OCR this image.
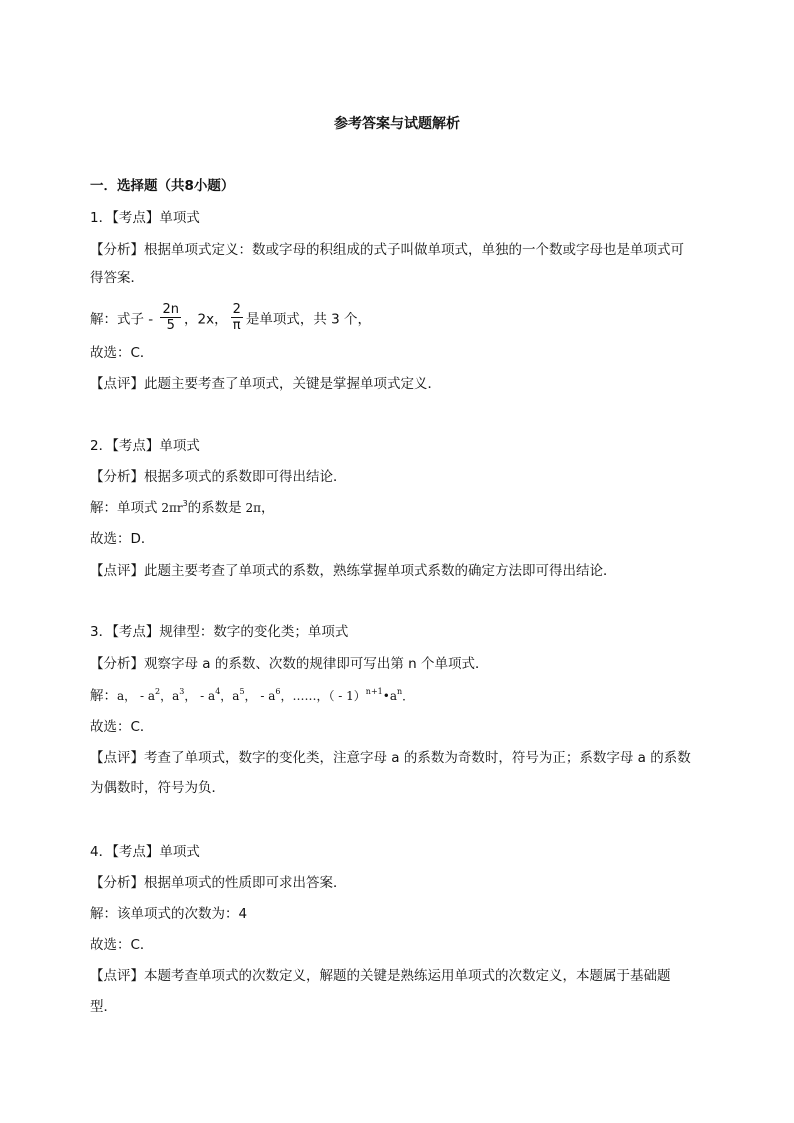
参考答案与试题解析
一．选择题（共8小题）
1．【考点】单项式
【分析】根据单项式定义：数或字母的积组成的式子叫做单项式，单独的一个数或字母也是单项式可
得答案．
解：式子 - $\frac{2n}{5}$ ，2x， $\frac{2}{\pi}$ 是单项式，共 3 个，
故选：C．
【点评】此题主要考查了单项式，关键是掌握单项式定义．
2．【考点】单项式
【分析】根据多项式的系数即可得出结论．
解：单项式 $2\pi r^3$的系数是 2π，
故选：D．
【点评】此题主要考查了单项式的系数，熟练掌握单项式系数的确定方法即可得出结论．
3．【考点】规律型：数字的变化类；单项式
【分析】观察字母 a 的系数、次数的规律即可写出第 n 个单项式．
解：a， - $a^2$，$a^3$， - $a^4$，$a^5$， - $a^6$，……，（ - $1)^{n+1}•a^n$．
故选：C．
【点评】考查了单项式，数字的变化类，注意字母 a 的系数为奇数时，符号为正；系数字母 a 的系数
为偶数时，符号为负．
4．【考点】单项式
【分析】根据单项式的性质即可求出答案．
解：该单项式的次数为：4
故选：C．
【点评】本题考查单项式的次数定义，解题的关键是熟练运用单项式的次数定义，本题属于基础题
型．
